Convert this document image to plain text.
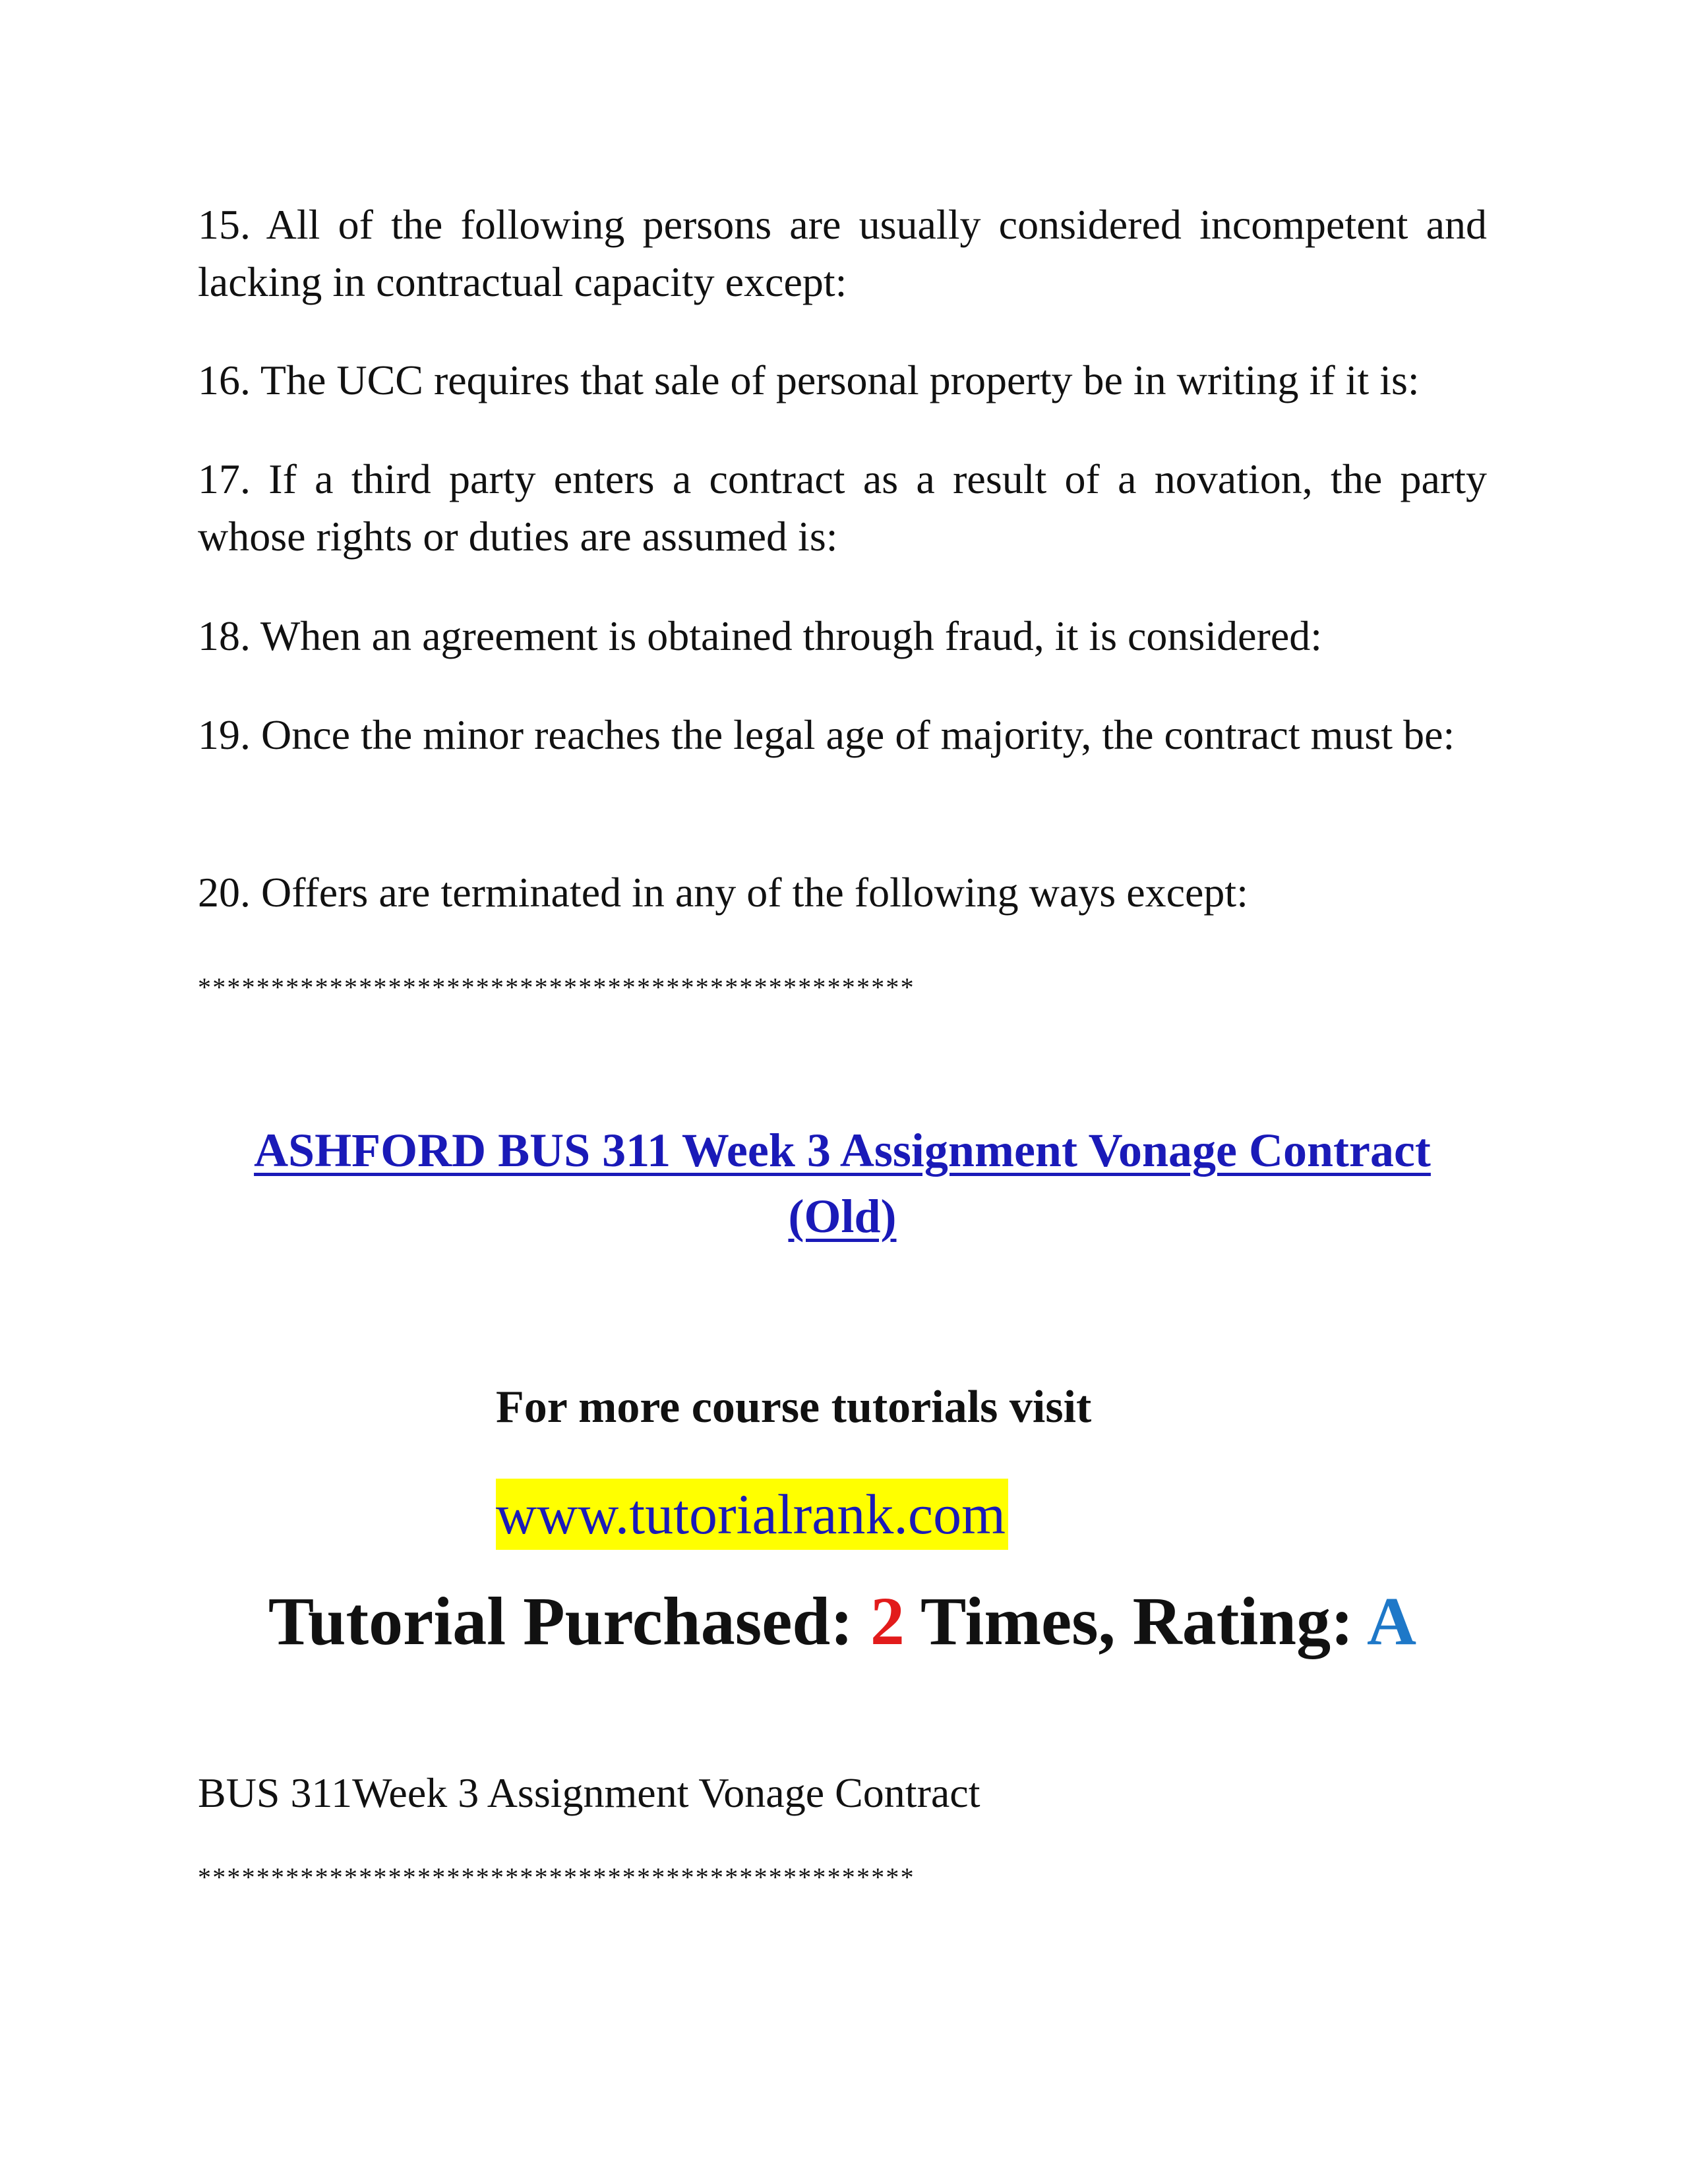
15. All of the following persons are usually considered incompetent and lacking in contractual capacity except:

16. The UCC requires that sale of personal property be in writing if it is:

17. If a third party enters a contract as a result of a novation, the party whose rights or duties are assumed is:

18. When an agreement is obtained through fraud, it is considered:

19. Once the minor reaches the legal age of majority, the contract must be:

20. Offers are terminated in any of the following ways except:

*************************************************
ASHFORD BUS 311 Week 3 Assignment Vonage Contract
(Old)
For more course tutorials visit
www.tutorialrank.com
Tutorial Purchased: 2 Times, Rating: A
BUS 311Week 3 Assignment Vonage Contract
*************************************************
